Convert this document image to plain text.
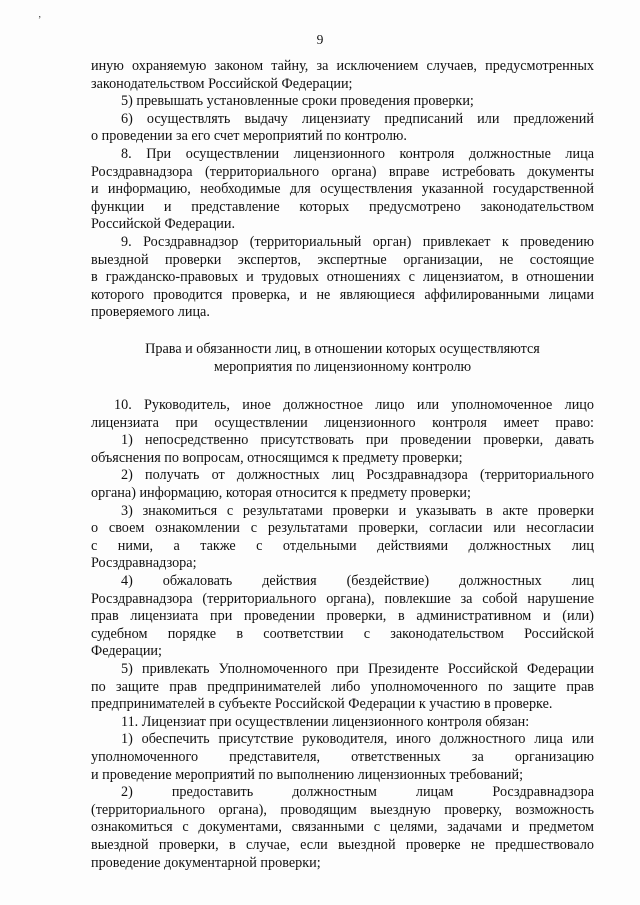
ʼ
9
иную охраняемую законом тайну, за исключением случаев, предусмотренных
законодательством Российской Федерации;
5) превышать установленные сроки проведения проверки;
6) осуществлять выдачу лицензиату предписаний или предложений
о проведении за его счет мероприятий по контролю.
8. При осуществлении лицензионного контроля должностные лица
Росздравнадзора (территориального органа) вправе истребовать документы
и информацию, необходимые для осуществления указанной государственной
функции и представление которых предусмотрено законодательством
Российской Федерации.
9. Росздравнадзор (территориальный орган) привлекает к проведению
выездной проверки экспертов, экспертные организации, не состоящие
в гражданско-правовых и трудовых отношениях с лицензиатом, в отношении
которого проводится проверка, и не являющиеся аффилированными лицами
проверяемого лица.
Права и обязанности лиц, в отношении которых осуществляются
мероприятия по лицензионному контролю
10. Руководитель, иное должностное лицо или уполномоченное лицо
лицензиата при осуществлении лицензионного контроля имеет право:
1) непосредственно присутствовать при проведении проверки, давать
объяснения по вопросам, относящимся к предмету проверки;
2) получать от должностных лиц Росздравнадзора (территориального
органа) информацию, которая относится к предмету проверки;
3) знакомиться с результатами проверки и указывать в акте проверки
о своем ознакомлении с результатами проверки, согласии или несогласии
с ними, а также с отдельными действиями должностных лиц
Росздравнадзора;
4) обжаловать действия (бездействие) должностных лиц
Росздравнадзора (территориального органа), повлекшие за собой нарушение
прав лицензиата при проведении проверки, в административном и (или)
судебном порядке в соответствии с законодательством Российской
Федерации;
5) привлекать Уполномоченного при Президенте Российской Федерации
по защите прав предпринимателей либо уполномоченного по защите прав
предпринимателей в субъекте Российской Федерации к участию в проверке.
11. Лицензиат при осуществлении лицензионного контроля обязан:
1) обеспечить присутствие руководителя, иного должностного лица или
уполномоченного представителя, ответственных за организацию
и проведение мероприятий по выполнению лицензионных требований;
2) предоставить должностным лицам Росздравнадзора
(территориального органа), проводящим выездную проверку, возможность
ознакомиться с документами, связанными с целями, задачами и предметом
выездной проверки, в случае, если выездной проверке не предшествовало
проведение документарной проверки;
